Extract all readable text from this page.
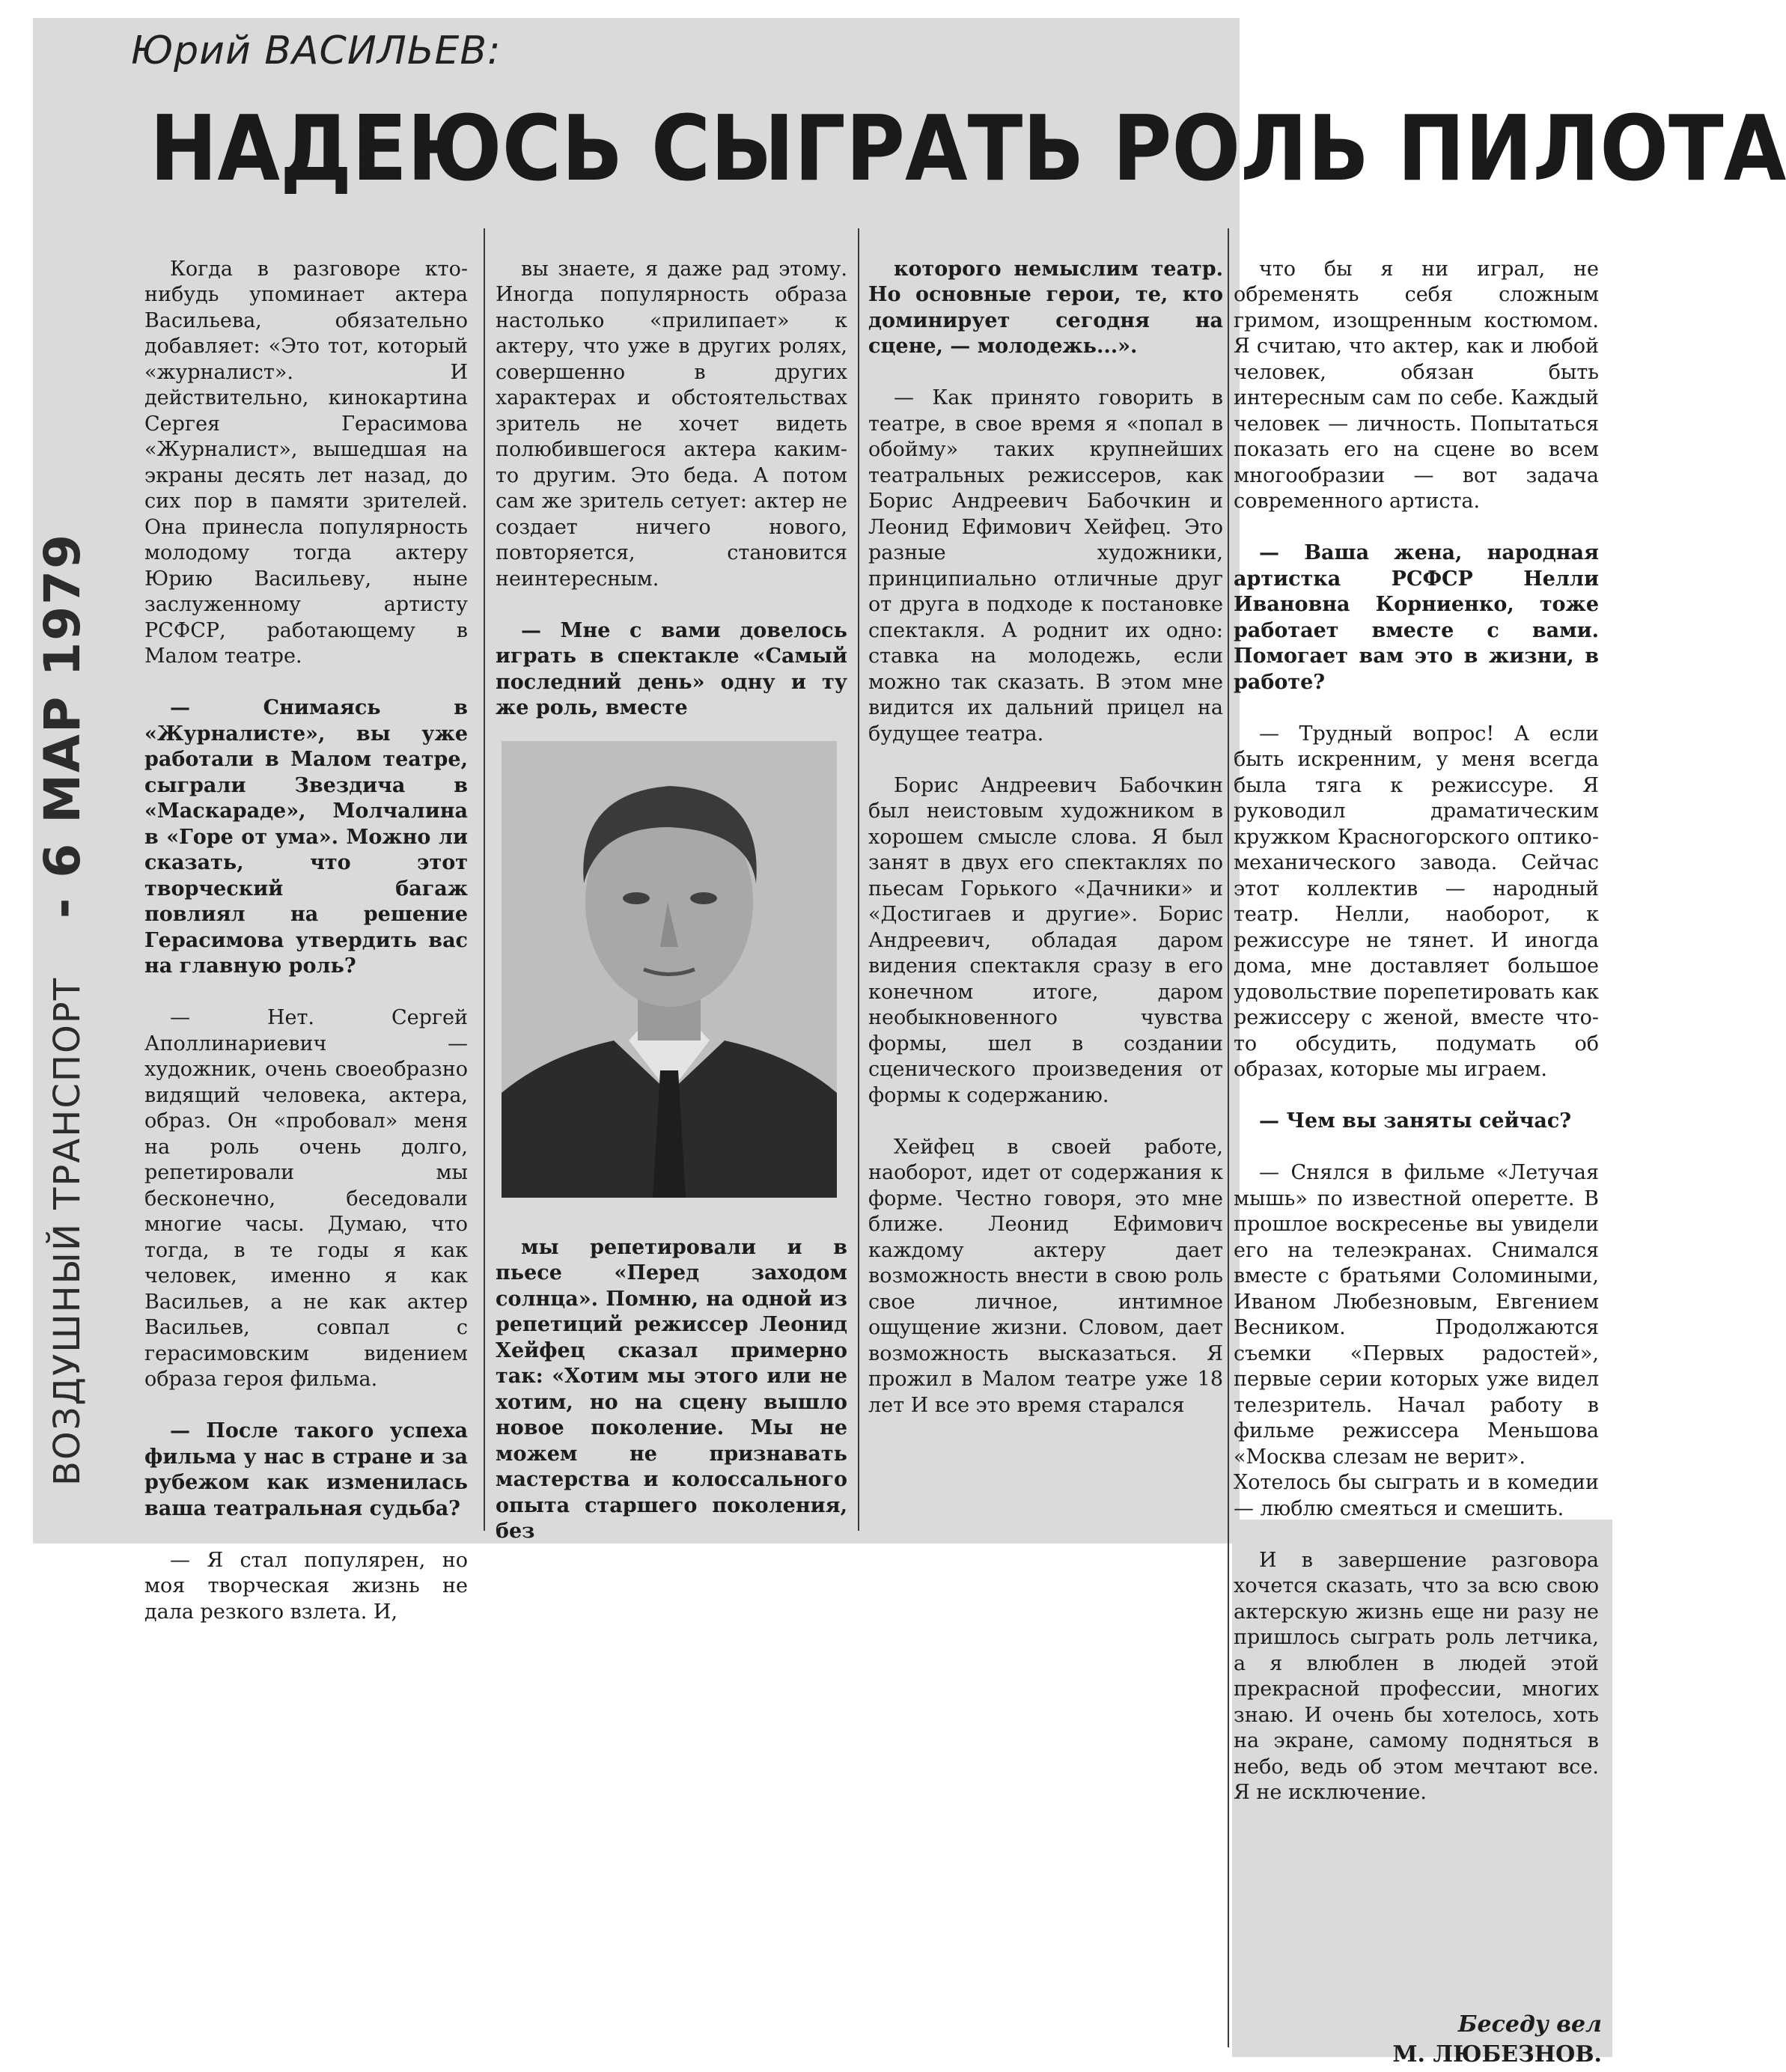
Юрий ВАСИЛЬЕВ:
НАДЕЮСЬ СЫГРАТЬ РОЛЬ ПИЛОТА
ВОЗДУШНЫЙ ТРАНСПОРТ - 6 МАР 1979

Когда в разговоре кто-нибудь упоминает актера Васильева, обязательно добавляет: «Это тот, который «журналист». И действительно, кинокартина Сергея Герасимова «Журналист», вышедшая на экраны десять лет назад, до сих пор в памяти зрителей. Она принесла популярность молодому тогда актеру Юрию Васильеву, ныне заслуженному артисту РСФСР, работающему в Малом театре.

— Снимаясь в «Журналисте», вы уже работали в Малом театре, сыграли Звездича в «Маскараде», Молчалина в «Горе от ума». Можно ли сказать, что этот творческий багаж повлиял на решение Герасимова утвердить вас на главную роль?

— Нет. Сергей Аполлинариевич — художник, очень своеобразно видящий человека, актера, образ. Он «пробовал» меня на роль очень долго, репетировали мы бесконечно, беседовали многие часы. Думаю, что тогда, в те годы я как человек, именно я как Васильев, а не как актер Васильев, совпал с герасимовским видением образа героя фильма.

— После такого успеха фильма у нас в стране и за рубежом как изменилась ваша театральная судьба?

— Я стал популярен, но моя творческая жизнь не дала резкого взлета. И,

вы знаете, я даже рад этому. Иногда популярность образа настолько «прилипает» к актеру, что уже в других ролях, совершенно в других характерах и обстоятельствах зритель не хочет видеть полюбившегося актера каким-то другим. Это беда. А потом сам же зритель сетует: актер не создает ничего нового, повторяется, становится неинтересным.

— Мне с вами довелось играть в спектакле «Самый последний день» одну и ту же роль, вместе

мы репетировали и в пьесе «Перед заходом солнца». Помню, на одной из репетиций режиссер Леонид Хейфец сказал примерно так: «Хотим мы этого или не хотим, но на сцену вышло новое поколение. Мы не можем не признавать мастерства и колоссального опыта старшего поколения, без

которого немыслим театр. Но основные герои, те, кто доминирует сегодня на сцене, — молодежь...».

— Как принято говорить в театре, в свое время я «попал в обойму» таких крупнейших театральных режиссеров, как Борис Андреевич Бабочкин и Леонид Ефимович Хейфец. Это разные художники, принципиально отличные друг от друга в подходе к постановке спектакля. А роднит их одно: ставка на молодежь, если можно так сказать. В этом мне видится их дальний прицел на будущее театра.

Борис Андреевич Бабочкин был неистовым художником в хорошем смысле слова. Я был занят в двух его спектаклях по пьесам Горького «Дачники» и «Достигаев и другие». Борис Андреевич, обладая даром видения спектакля сразу в его конечном итоге, даром необыкновенного чувства формы, шел в создании сценического произведения от формы к содержанию.

Хейфец в своей работе, наоборот, идет от содержания к форме. Честно говоря, это мне ближе. Леонид Ефимович каждому актеру дает возможность внести в свою роль свое личное, интимное ощущение жизни. Словом, дает возможность высказаться. Я прожил в Малом театре уже 18 лет И все это время старался

что бы я ни играл, не обременять себя сложным гримом, изощренным костюмом. Я считаю, что актер, как и любой человек, обязан быть интересным сам по себе. Каждый человек — личность. Попытаться показать его на сцене во всем многообразии — вот задача современного артиста.

— Ваша жена, народная артистка РСФСР Нелли Ивановна Корниенко, тоже работает вместе с вами. Помогает вам это в жизни, в работе?

— Трудный вопрос! А если быть искренним, у меня всегда была тяга к режиссуре. Я руководил драматическим кружком Красногорского оптико-механического завода. Сейчас этот коллектив — народный театр. Нелли, наоборот, к режиссуре не тянет. И иногда дома, мне доставляет большое удовольствие порепетировать как режиссеру с женой, вместе что-то обсудить, подумать об образах, которые мы играем.

— Чем вы заняты сейчас?

— Снялся в фильме «Летучая мышь» по известной оперетте. В прошлое воскресенье вы увидели его на телеэкранах. Снимался вместе с братьями Соломиными, Иваном Любезновым, Евгением Весником. Продолжаются съемки «Первых радостей», первые серии которых уже видел телезритель. Начал работу в фильме режиссера Меньшова «Москва слезам не верит».
Хотелось бы сыграть и в комедии — люблю смеяться и смешить.

И в завершение разговора хочется сказать, что за всю свою актерскую жизнь еще ни разу не пришлось сыграть роль летчика, а я влюблен в людей этой прекрасной профессии, многих знаю. И очень бы хотелось, хоть на экране, самому подняться в небо, ведь об этом мечтают все. Я не исключение.

Беседу вел
М. ЛЮБЕЗНОВ.
